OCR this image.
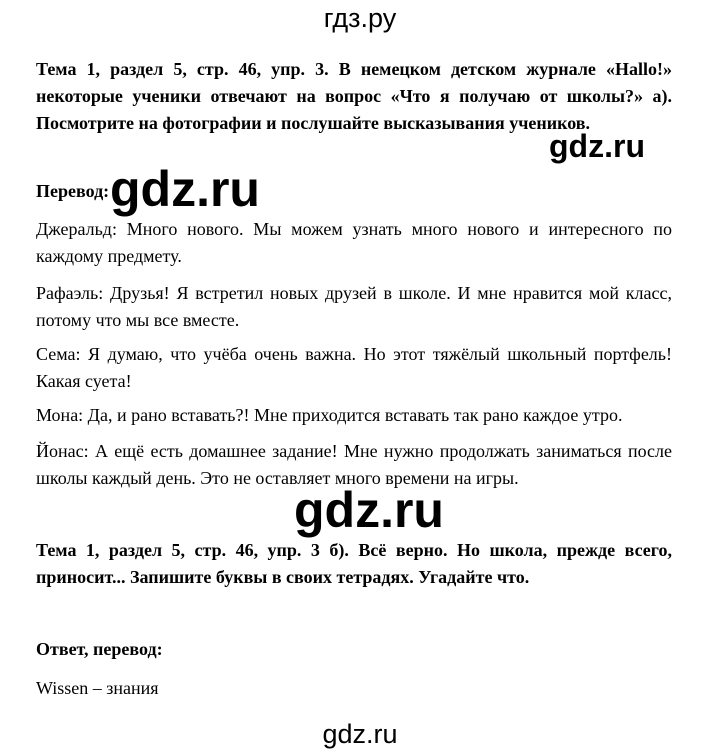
гдз.ру
Тема 1, раздел 5, стр. 46, упр. 3. В немецком детском журнале «Hallo!» некоторые ученики отвечают на вопрос «Что я получаю от школы?» а). Посмотрите на фотографии и послушайте высказывания учеников.
gdz.ru
Перевод: gdz.ru
Джеральд: Много нового. Мы можем узнать много нового и интересного по каждому предмету.
Рафаэль: Друзья! Я встретил новых друзей в школе. И мне нравится мой класс, потому что мы все вместе.
Сема: Я думаю, что учёба очень важна. Но этот тяжёлый школьный портфель! Какая суета!
Мона: Да, и рано вставать?! Мне приходится вставать так рано каждое утро.
Йонас: А ещё есть домашнее задание! Мне нужно продолжать заниматься после школы каждый день. Это не оставляет много времени на игры.
gdz.ru
Тема 1, раздел 5, стр. 46, упр. 3 б). Всё верно. Но школа, прежде всего, приносит... Запишите буквы в своих тетрадях. Угадайте что.
Ответ, перевод:
Wissen – знания
gdz.ru
